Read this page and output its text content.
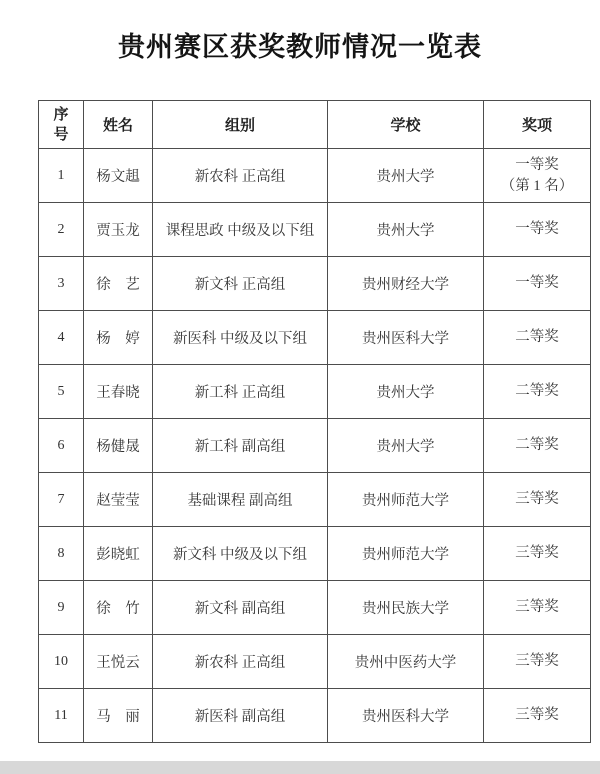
贵州赛区获奖教师情况一览表
序号	姓名	组别	学校	奖项
1	杨文趄	新农科 正高组	贵州大学	一等奖
（第 1 名）

2	贾玉龙	课程思政 中级及以下组	贵州大学	一等奖

3	徐　艺	新文科 正高组	贵州财经大学	一等奖

4	杨　婷	新医科 中级及以下组	贵州医科大学	二等奖

5	王春晓	新工科 正高组	贵州大学	二等奖

6	杨健晟	新工科 副高组	贵州大学	二等奖

7	赵莹莹	基础课程 副高组	贵州师范大学	三等奖

8	彭晓虹	新文科 中级及以下组	贵州师范大学	三等奖

9	徐　竹	新文科 副高组	贵州民族大学	三等奖

10	王悦云	新农科 正高组	贵州中医药大学	三等奖

11	马　丽	新医科 副高组	贵州医科大学	三等奖
